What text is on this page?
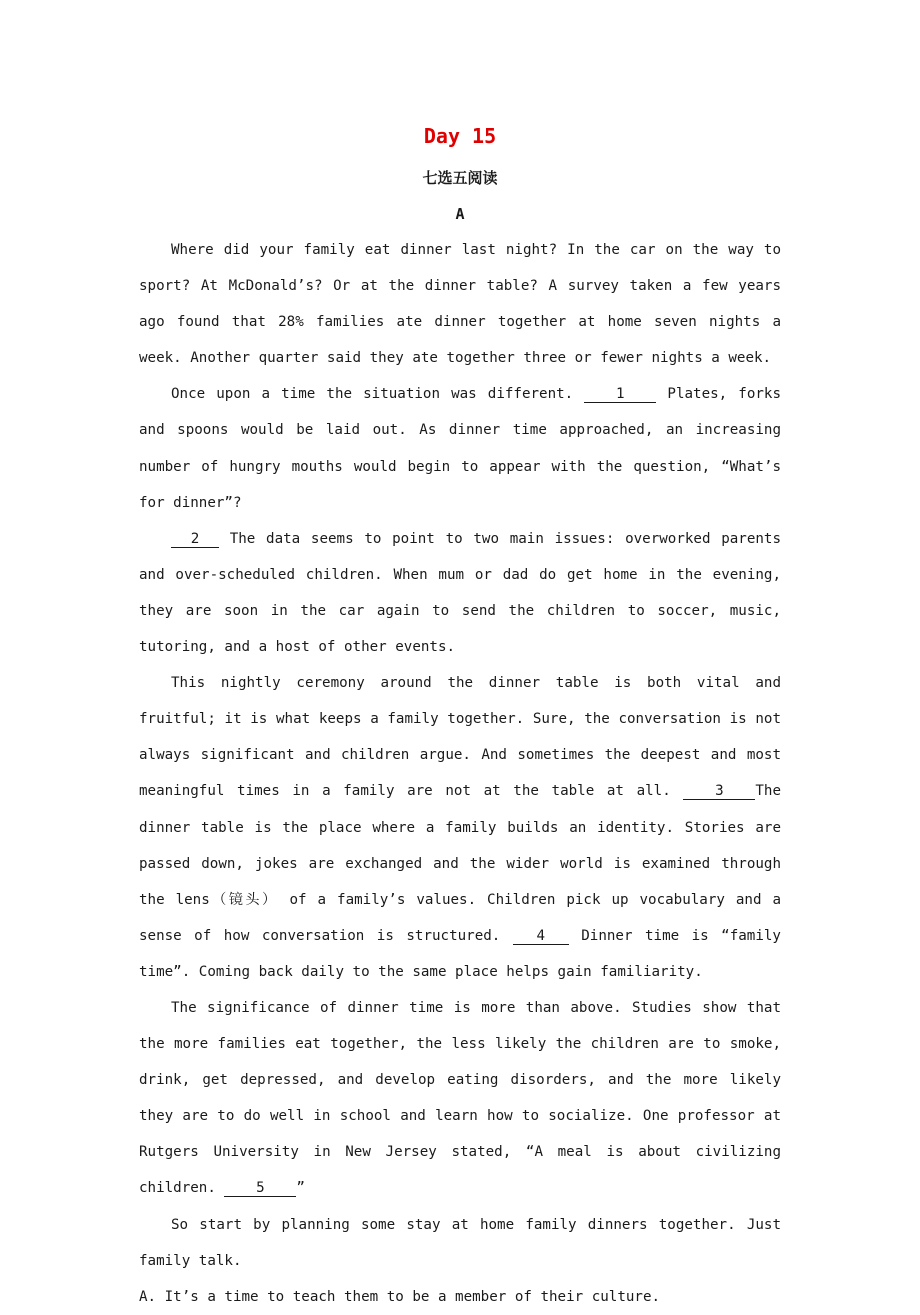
Day 15
七选五阅读
A

Where did your family eat dinner last night? In the car on the way to sport? At McDonald’s? Or at the dinner table? A survey taken a few years ago found that 28% families ate dinner together at home seven nights a week. Another quarter said they ate together three or fewer nights a week.

Once upon a time the situation was different. 1 Plates, forks and spoons would be laid out. As dinner time approached, an increasing number of hungry mouths would begin to appear with the question, “What’s for dinner”?

2 The data seems to point to two main issues: overworked parents and over-scheduled children. When mum or dad do get home in the evening, they are soon in the car again to send the children to soccer, music, tutoring, and a host of other events.

This nightly ceremony around the dinner table is both vital and fruitful; it is what keeps a family together. Sure, the conversation is not always significant and children argue. And sometimes the deepest and most meaningful times in a family are not at the table at all. 3 The dinner table is the place where a family builds an identity. Stories are passed down, jokes are exchanged and the wider world is examined through the lens（镜头） of a family’s values. Children pick up vocabulary and a sense of how conversation is structured. 4 Dinner time is “family time”. Coming back daily to the same place helps gain familiarity.

The significance of dinner time is more than above. Studies show that the more families eat together, the less likely the children are to smoke, drink, get depressed, and develop eating disorders, and the more likely they are to do well in school and learn how to socialize. One professor at Rutgers University in New Jersey stated, “A meal is about civilizing children. 5 ”

So start by planning some stay at home family dinners together. Just family talk.

A. It’s a time to teach them to be a member of their culture.
